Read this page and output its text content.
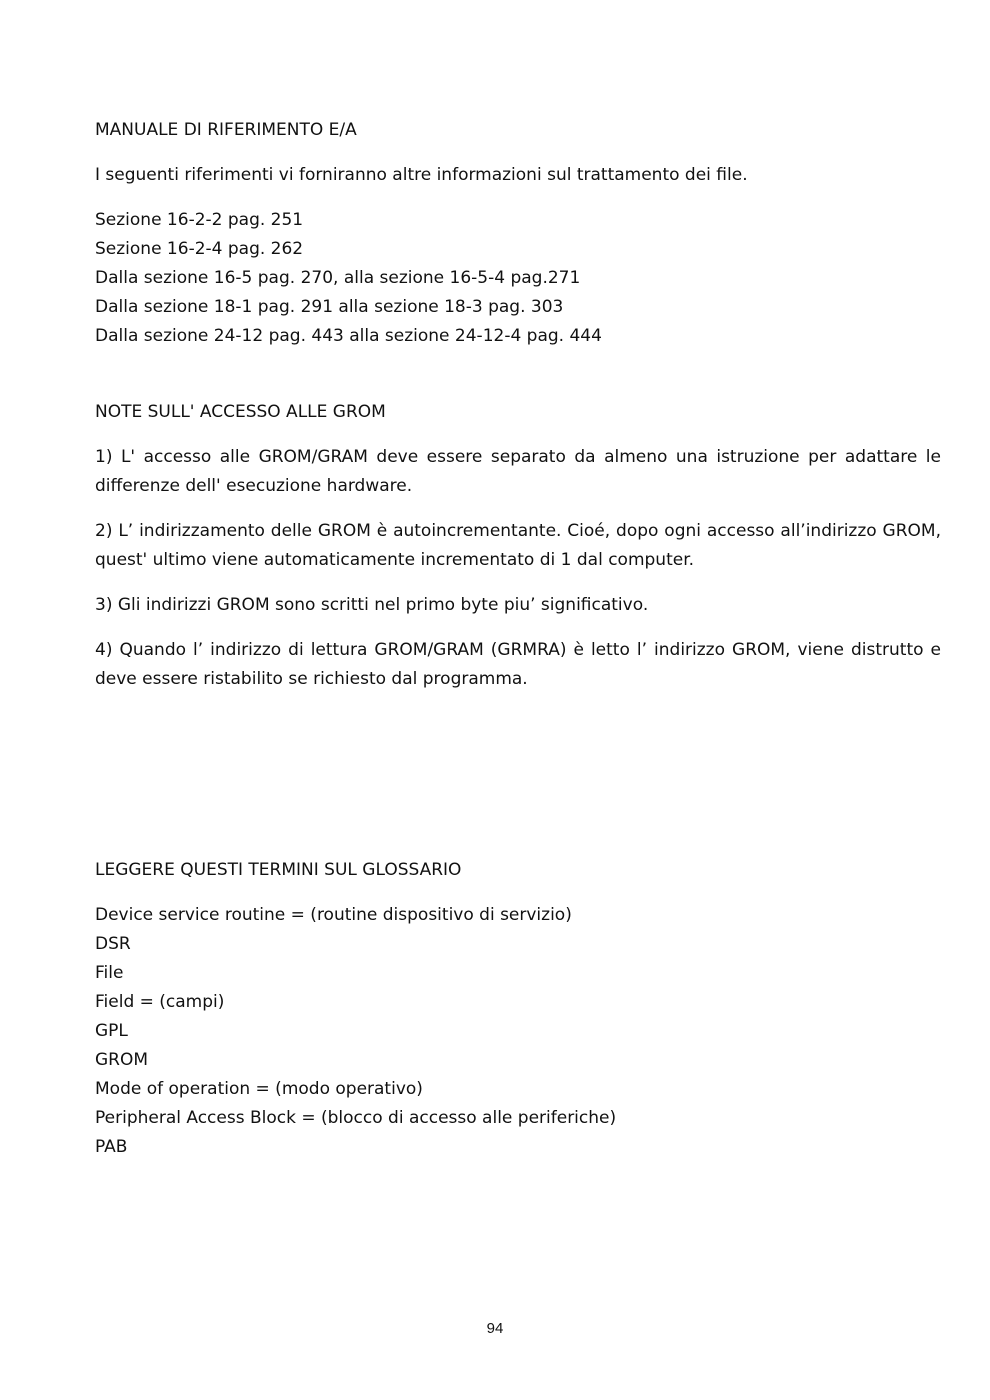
MANUALE DI RIFERIMENTO E/A
I seguenti riferimenti vi forniranno altre informazioni sul trattamento dei file.
Sezione 16-2-2 pag. 251
Sezione 16-2-4 pag. 262
Dalla sezione 16-5 pag. 270, alla sezione 16-5-4 pag.271
Dalla sezione 18-1 pag. 291 alla sezione 18-3 pag. 303
Dalla sezione 24-12 pag. 443 alla sezione 24-12-4 pag. 444
NOTE SULL' ACCESSO ALLE GROM
1) L' accesso alle GROM/GRAM deve essere separato da almeno una istruzione per adattare le differenze dell' esecuzione hardware.
2) L’ indirizzamento delle GROM è autoincrementante. Cioé, dopo ogni accesso all’indirizzo GROM, quest' ultimo viene automaticamente incrementato di 1 dal computer.
3) Gli indirizzi GROM sono scritti nel primo byte piu’ significativo.
4) Quando l’ indirizzo di lettura GROM/GRAM (GRMRA) è letto l’ indirizzo GROM, viene distrutto e deve essere ristabilito se richiesto dal programma.
LEGGERE QUESTI TERMINI SUL GLOSSARIO
Device service routine = (routine dispositivo di servizio)
DSR
File
Field = (campi)
GPL
GROM
Mode of operation = (modo operativo)
Peripheral Access Block = (blocco di accesso alle periferiche)
PAB
94
